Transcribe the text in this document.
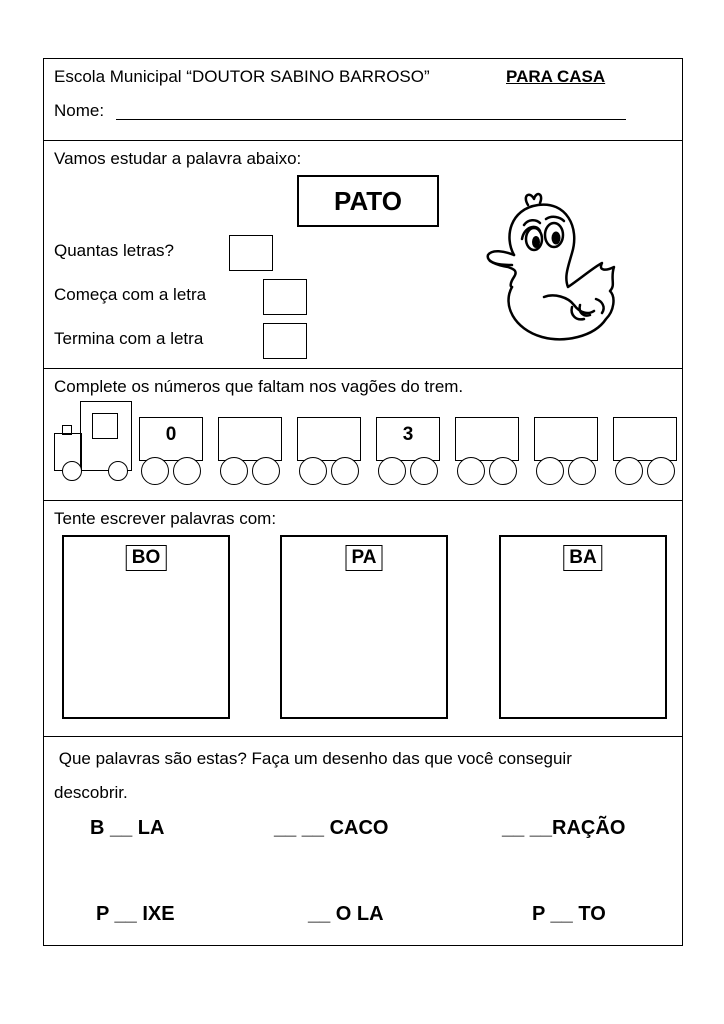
Escola Municipal “DOUTOR SABINO BARROSO”	PARA CASA
Nome:
Vamos estudar a palavra abaixo:
PATO
Quantas letras?
Começa com a letra
Termina com a letra
Complete os números que faltam nos vagões do trem.
0	3
Tente escrever palavras com:
BO	PA	BA
Que palavras são estas? Faça um desenho das que você conseguir
descobrir.
B __ LA	__ __ CACO	__ __RAÇÃO
P __ IXE	__ O LA	P __ TO
